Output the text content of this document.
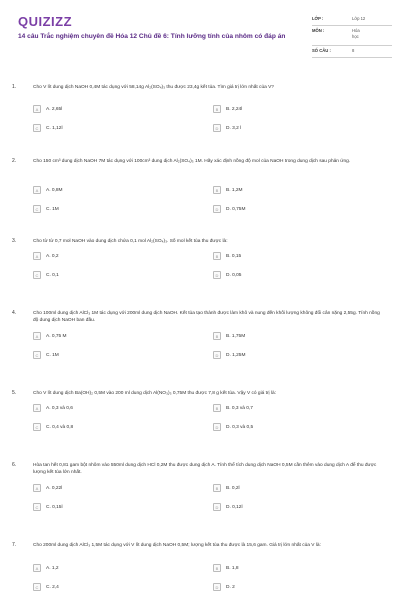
QUIZIZZ
14 câu Trắc nghiệm chuyên đề Hóa 12 Chủ đề 6: Tính lưỡng tính của nhôm có đáp án
LỚP :	Lớp 12
MÔN :	Hóa học
SỐ CÂU :	8
1.	Cho V lít dung dịch NaOH 0,4M tác dụng với 58,14g Al₂(SO₄)₃ thu được 23,4g kết tủa. Tìm giá trị lớn nhất của V?
A	A. 2,65l	B	B. 2,24l
C	C. 1,12l	D	D. 3,2 l
2.	Cho 150 cm³ dung dịch NaOH 7M tác dụng với 100cm³ dung dịch Al₂(SO₄)₃ 1M. Hãy xác định nồng độ mol của NaOH trong dung dịch sau phản ứng.
A	A. 0,8M	B	B. 1,2M
C	C. 1M	D	D. 0,75M
3.	Cho từ từ 0,7 mol NaOH vào dung dịch chứa 0,1 mol Al₂(SO₄)₃. Số mol kết tủa thu được là:
A	A. 0,2	B	B. 0,15
C	C. 0,1	D	D. 0,05
4.	Cho 100ml dung dịch AlCl₃ 1M tác dụng với 200ml dung dịch NaOH. Kết tủa tạo thành được làm khô và nung đến khối lượng không đổi cân nặng 2,55g. Tính nồng độ dung dịch NaOH ban đầu.
A	A. 0,75 M	B	B. 1,75M
C	C. 1M	D	D. 1,25M
5.	Cho V lít dung dịch Ba(OH)₂ 0,5M vào 200 ml dung dịch Al(NO₃)₃ 0,75M thu được 7,8 g kết tủa. Vậy V có giá trị là:
A	A. 0,3 và 0,6	B	B. 0,3 và 0,7
C	C. 0,4 và 0,8	D	D. 0,3 và 0,5
6.	Hòa tan hết 0,81 gam bột nhôm vào 550ml dung dịch HCl 0,2M thu được dung dịch A. Tính thể tích dung dịch NaOH 0,5M cần thêm vào dung dịch A để thu được lượng kết tủa lớn nhất.
A	A. 0,22l	B	B. 0,2l
C	C. 0,15l	D	D. 0,12l
7.	Cho 200ml dung dịch AlCl₃ 1,5M tác dụng với V lít dung dịch NaOH 0,5M; lượng kết tủa thu được là 15,6 gam. Giá trị lớn nhất của V là:
A	A. 1,2	B	B. 1,8
C	C. 2,4	D	D. 2
